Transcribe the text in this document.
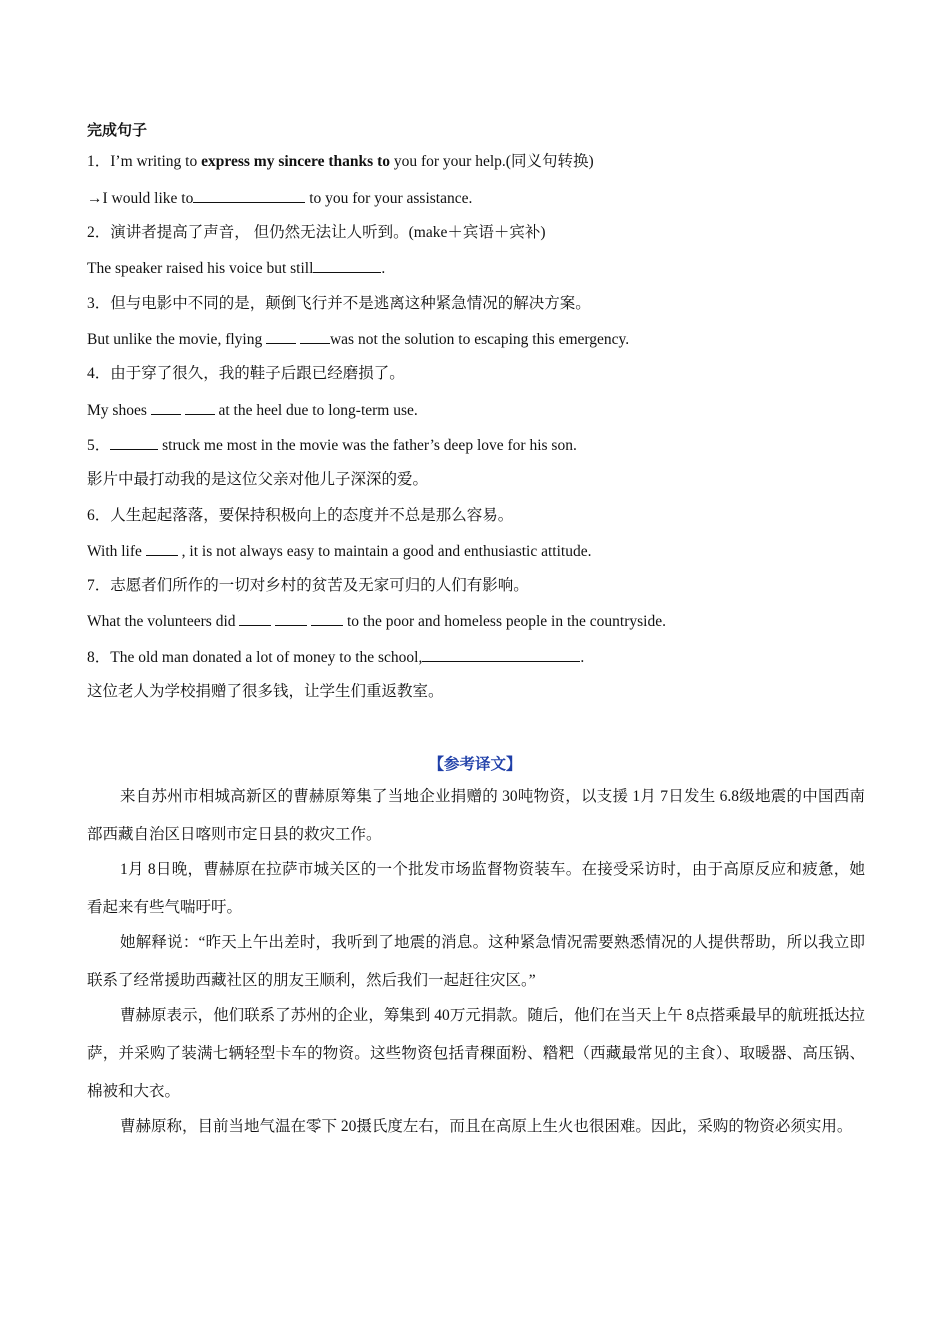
完成句子
1．I’m writing to express my sincere thanks to you for your help.(同义句转换)
→I would like to	to you for your assistance.
2．演讲者提高了声音， 但仍然无法让人听到。(make＋宾语＋宾补)
The speaker raised his voice but still	.
3．但与电影中不同的是，颠倒飞行并不是逃离这种紧急情况的解决方案。
But unlike the movie, flying	was not the solution to escaping this emergency.
4．由于穿了很久，我的鞋子后跟已经磨损了。
My shoes	at the heel due to long-term use.
5．	struck me most in the movie was the father’s deep love for his son.
影片中最打动我的是这位父亲对他儿子深深的爱。
6．人生起起落落，要保持积极向上的态度并不总是那么容易。
With life  , it is not always easy to maintain a good and enthusiastic attitude.
7．志愿者们所作的一切对乡村的贫苦及无家可归的人们有影响。
What the volunteers did	to the poor and homeless people in the countryside.
8．The old man donated a lot of money to the school,	.
这位老人为学校捐赠了很多钱，让学生们重返教室。
【参考译文】
来自苏州市相城高新区的曹赫原筹集了当地企业捐赠的 30吨物资，以支援 1月 7日发生 6.8级地震的中国西南部西藏自治区日喀则市定日县的救灾工作。
1月 8日晚，曹赫原在拉萨市城关区的一个批发市场监督物资装车。在接受采访时，由于高原反应和疲惫，她看起来有些气喘吁吁。
她解释说：“昨天上午出差时，我听到了地震的消息。这种紧急情况需要熟悉情况的人提供帮助，所以我立即联系了经常援助西藏社区的朋友王顺利，然后我们一起赶往灾区。”
曹赫原表示，他们联系了苏州的企业，筹集到 40万元捐款。随后，他们在当天上午 8点搭乘最早的航班抵达拉萨，并采购了装满七辆轻型卡车的物资。这些物资包括青稞面粉、糌粑（西藏最常见的主食）、取暖器、高压锅、棉被和大衣。
曹赫原称，目前当地气温在零下 20摄氏度左右，而且在高原上生火也很困难。因此，采购的物资必须实用。
